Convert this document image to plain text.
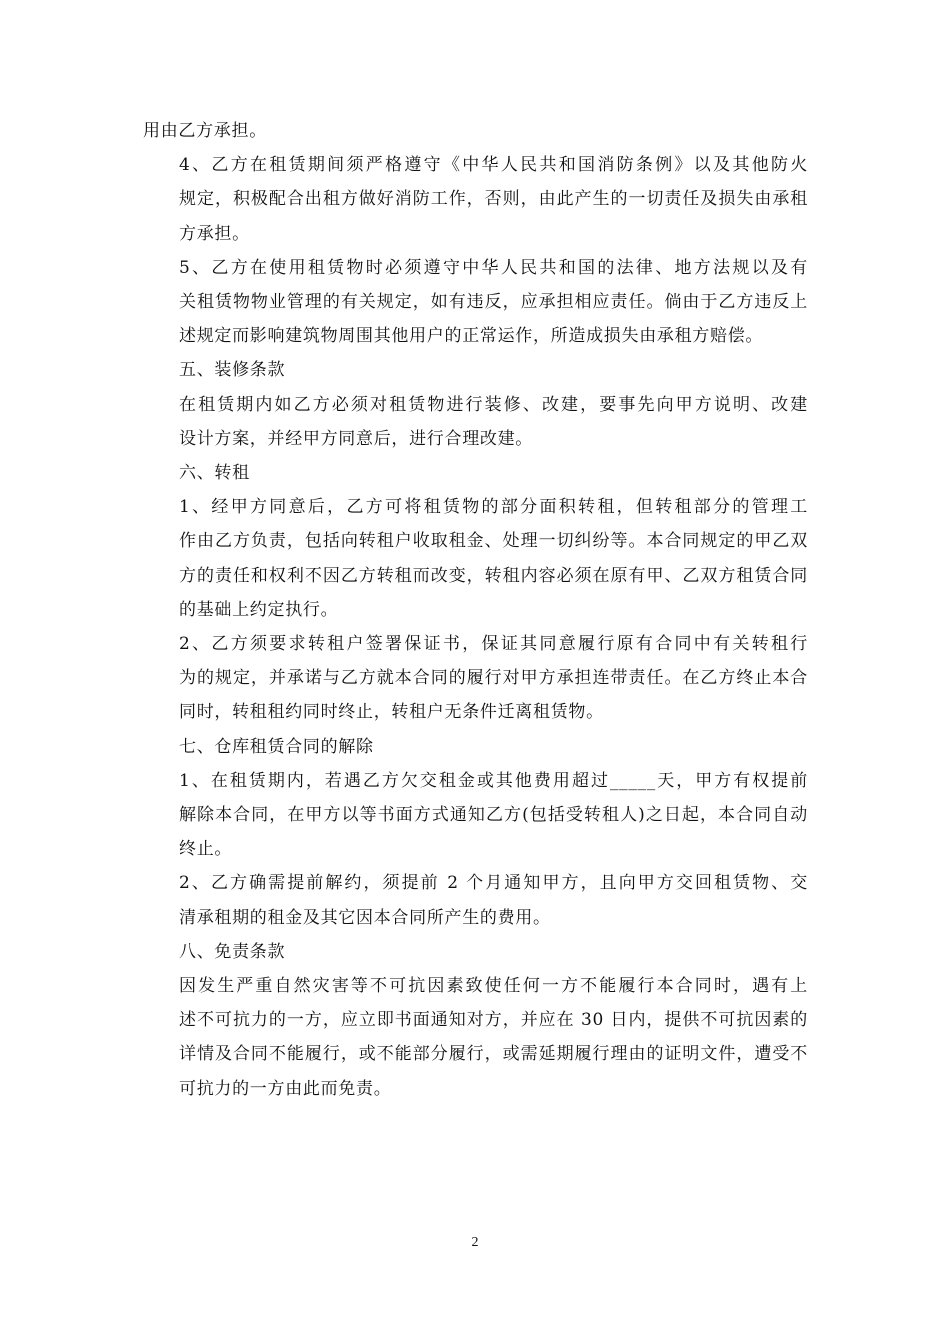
用由乙方承担。
4、乙方在租赁期间须严格遵守《中华人民共和国消防条例》以及其他防火
规定，积极配合出租方做好消防工作，否则，由此产生的一切责任及损失由承租
方承担。
5、乙方在使用租赁物时必须遵守中华人民共和国的法律、地方法规以及有
关租赁物物业管理的有关规定，如有违反，应承担相应责任。倘由于乙方违反上
述规定而影响建筑物周围其他用户的正常运作，所造成损失由承租方赔偿。
五、装修条款
在租赁期内如乙方必须对租赁物进行装修、改建，要事先向甲方说明、改建
设计方案，并经甲方同意后，进行合理改建。
六、转租
1、经甲方同意后，乙方可将租赁物的部分面积转租，但转租部分的管理工
作由乙方负责，包括向转租户收取租金、处理一切纠纷等。本合同规定的甲乙双
方的责任和权利不因乙方转租而改变，转租内容必须在原有甲、乙双方租赁合同
的基础上约定执行。
2、乙方须要求转租户签署保证书，保证其同意履行原有合同中有关转租行
为的规定，并承诺与乙方就本合同的履行对甲方承担连带责任。在乙方终止本合
同时，转租租约同时终止，转租户无条件迁离租赁物。
七、仓库租赁合同的解除
1、在租赁期内，若遇乙方欠交租金或其他费用超过_____天，甲方有权提前
解除本合同，在甲方以等书面方式通知乙方(包括受转租人)之日起，本合同自动
终止。
2、乙方确需提前解约，须提前 2 个月通知甲方，且向甲方交回租赁物、交
清承租期的租金及其它因本合同所产生的费用。
八、免责条款
因发生严重自然灾害等不可抗因素致使任何一方不能履行本合同时，遇有上
述不可抗力的一方，应立即书面通知对方，并应在 30 日内，提供不可抗因素的
详情及合同不能履行，或不能部分履行，或需延期履行理由的证明文件，遭受不
可抗力的一方由此而免责。
2
